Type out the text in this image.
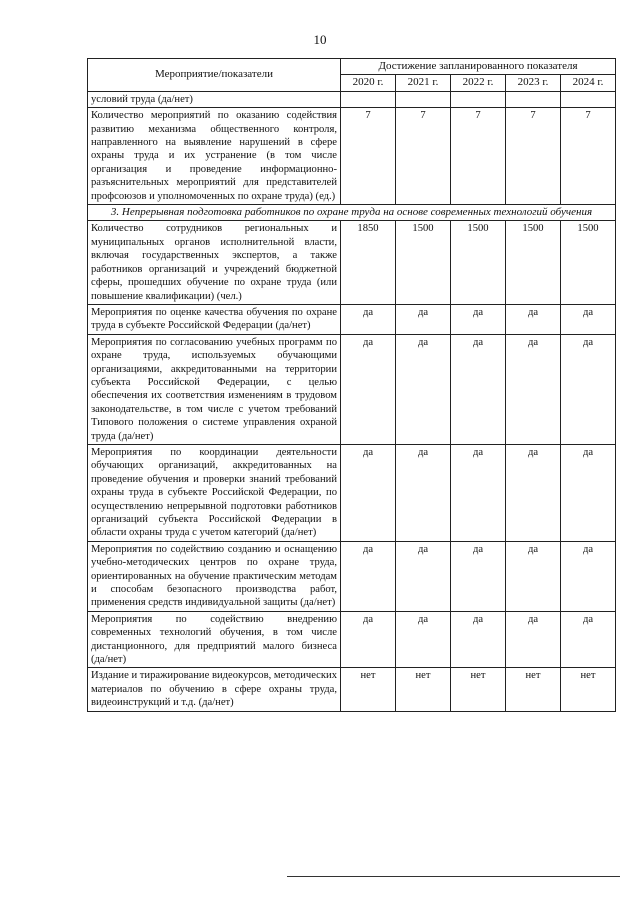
10
Мероприятие/показатели	Достижение запланированного показателя				
	2020 г.	2021 г.	2022 г.	2023 г.	2024 г.
условий труда (да/нет)					
Количество мероприятий по оказанию содействия развитию механизма общественного контроля, направленного на выявление нарушений в сфере охраны труда и их устранение (в том числе организация и проведение информационно-разъяснительных мероприятий для представителей профсоюзов и уполномоченных по охране труда) (ед.)	7	7	7	7	7
3. Непрерывная подготовка работников по охране труда на основе современных технологий обучения					
Количество сотрудников региональных и муниципальных органов исполнительной власти, включая государственных экспертов, а также работников организаций и учреждений бюджетной сферы, прошедших обучение по охране труда (или повышение квалификации) (чел.)	1850	1500	1500	1500	1500
Мероприятия по оценке качества обучения по охране труда в субъекте Российской Федерации (да/нет)	да	да	да	да	да
Мероприятия по согласованию учебных программ по охране труда, используемых обучающими организациями, аккредитованными на территории субъекта Российской Федерации, с целью обеспечения их соответствия изменениям в трудовом законодательстве, в том числе с учетом требований Типового положения о системе управления охраной труда (да/нет)	да	да	да	да	да
Мероприятия по координации деятельности обучающих организаций, аккредитованных на проведение обучения и проверки знаний требований охраны труда в субъекте Российской Федерации, по осуществлению непрерывной подготовки работников организаций субъекта Российской Федерации в области охраны труда с учетом категорий (да/нет)	да	да	да	да	да
Мероприятия по содействию созданию и оснащению учебно-методических центров по охране труда, ориентированных на обучение практическим методам и способам безопасного производства работ, применения средств индивидуальной защиты (да/нет)	да	да	да	да	да
Мероприятия по содействию внедрению современных технологий обучения, в том числе дистанционного, для предприятий малого бизнеса (да/нет)	да	да	да	да	да
Издание и тиражирование видеокурсов, методических материалов по обучению в сфере охраны труда, видеоинструкций и т.д. (да/нет)	нет	нет	нет	нет	нет
